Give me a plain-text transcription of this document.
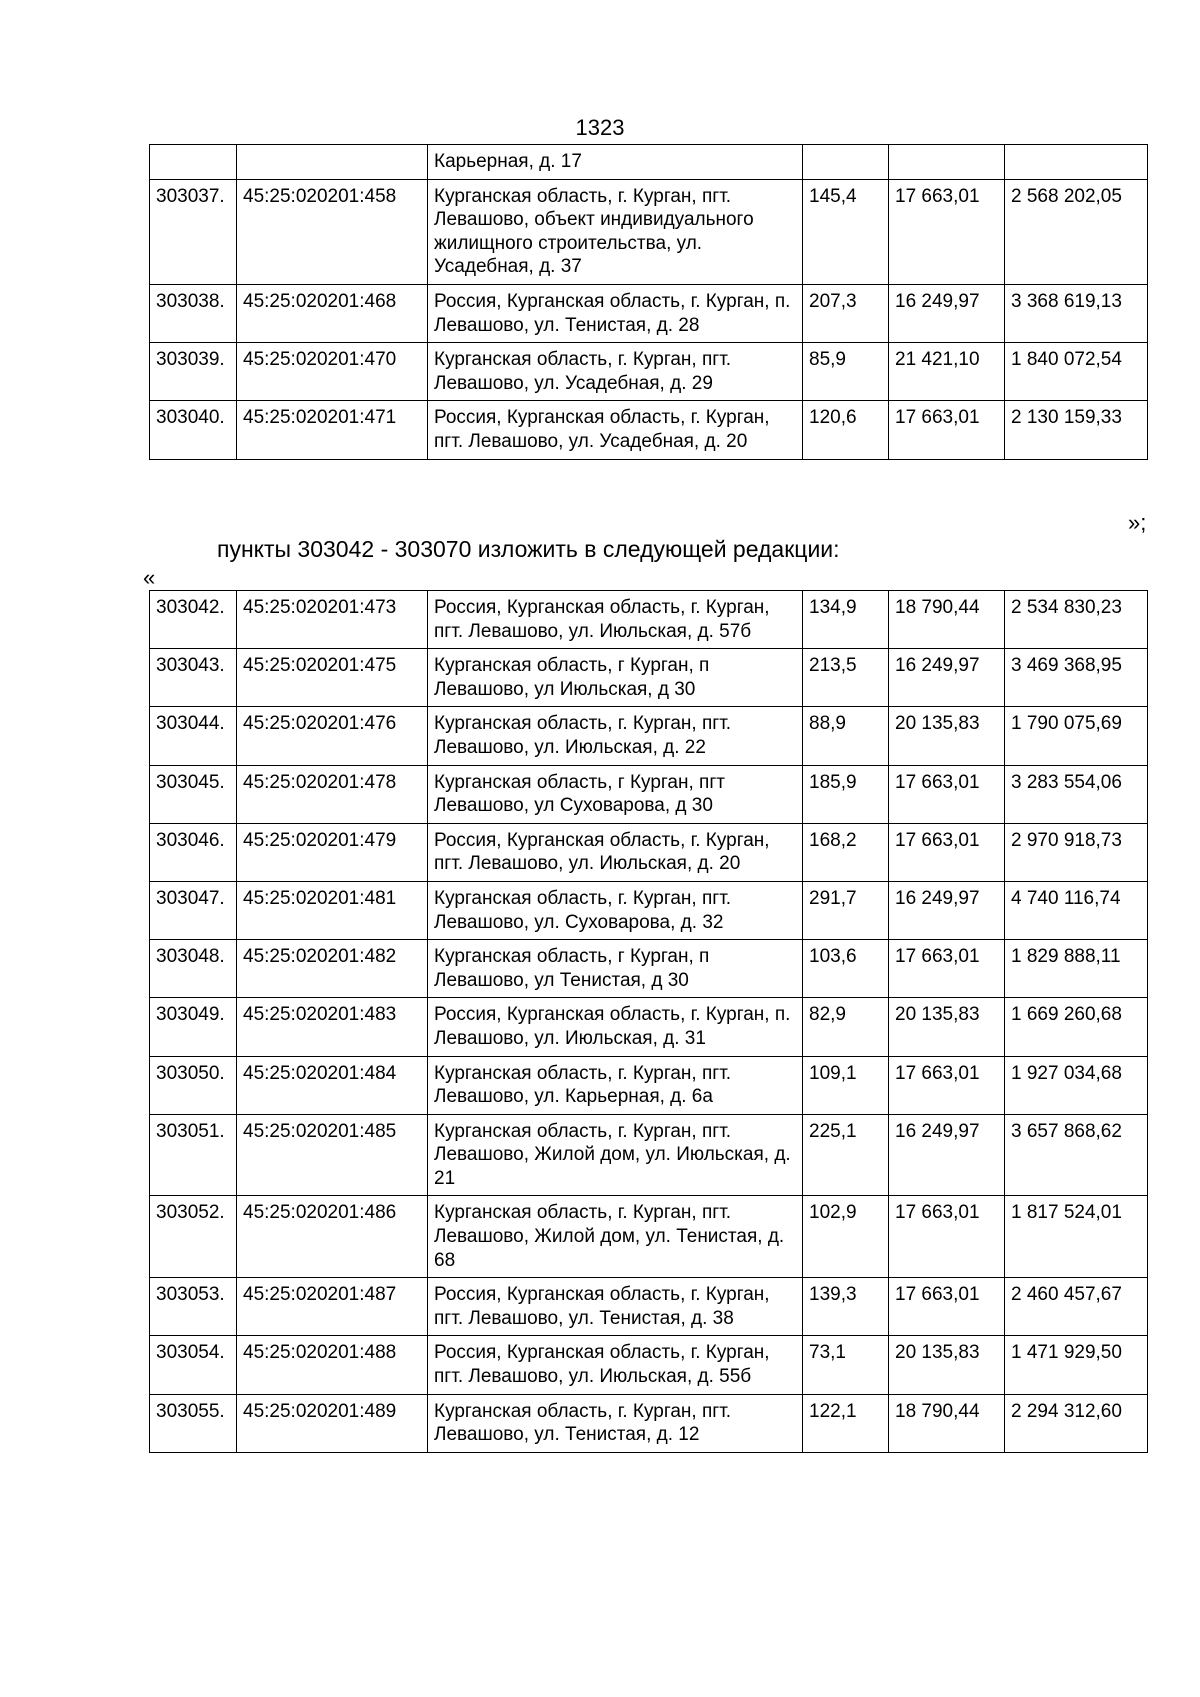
1323
		Карьерная, д. 17			
303037.	45:25:020201:458	Курганская область, г. Курган, пгт. Левашово, объект индивидуального жилищного строительства, ул. Усадебная, д. 37	145,4	17 663,01	2 568 202,05
303038.	45:25:020201:468	Россия, Курганская область, г. Курган, п. Левашово, ул. Тенистая, д. 28	207,3	16 249,97	3 368 619,13
303039.	45:25:020201:470	Курганская область, г. Курган, пгт. Левашово, ул. Усадебная, д. 29	85,9	21 421,10	1 840 072,54
303040.	45:25:020201:471	Россия, Курганская область, г. Курган, пгт. Левашово, ул. Усадебная, д. 20	120,6	17 663,01	2 130 159,33
»;
пункты 303042 - 303070 изложить в следующей редакции:
«
303042.	45:25:020201:473	Россия, Курганская область, г. Курган, пгт. Левашово, ул. Июльская, д. 57б	134,9	18 790,44	2 534 830,23
303043.	45:25:020201:475	Курганская область, г Курган, п Левашово, ул Июльская, д 30	213,5	16 249,97	3 469 368,95
303044.	45:25:020201:476	Курганская область, г. Курган, пгт. Левашово, ул. Июльская, д. 22	88,9	20 135,83	1 790 075,69
303045.	45:25:020201:478	Курганская область, г Курган, пгт Левашово, ул Суховарова, д 30	185,9	17 663,01	3 283 554,06
303046.	45:25:020201:479	Россия, Курганская область, г. Курган, пгт. Левашово, ул. Июльская, д. 20	168,2	17 663,01	2 970 918,73
303047.	45:25:020201:481	Курганская область, г. Курган, пгт. Левашово, ул. Суховарова, д. 32	291,7	16 249,97	4 740 116,74
303048.	45:25:020201:482	Курганская область, г Курган, п Левашово, ул Тенистая, д 30	103,6	17 663,01	1 829 888,11
303049.	45:25:020201:483	Россия, Курганская область, г. Курган, п. Левашово, ул. Июльская, д. 31	82,9	20 135,83	1 669 260,68
303050.	45:25:020201:484	Курганская область, г. Курган, пгт. Левашово, ул. Карьерная, д. 6а	109,1	17 663,01	1 927 034,68
303051.	45:25:020201:485	Курганская область, г. Курган, пгт. Левашово, Жилой дом, ул. Июльская, д. 21	225,1	16 249,97	3 657 868,62
303052.	45:25:020201:486	Курганская область, г. Курган, пгт. Левашово, Жилой дом, ул. Тенистая, д. 68	102,9	17 663,01	1 817 524,01
303053.	45:25:020201:487	Россия, Курганская область, г. Курган, пгт. Левашово, ул. Тенистая, д. 38	139,3	17 663,01	2 460 457,67
303054.	45:25:020201:488	Россия, Курганская область, г. Курган, пгт. Левашово, ул. Июльская, д. 55б	73,1	20 135,83	1 471 929,50
303055.	45:25:020201:489	Курганская область, г. Курган, пгт. Левашово, ул. Тенистая, д. 12	122,1	18 790,44	2 294 312,60
